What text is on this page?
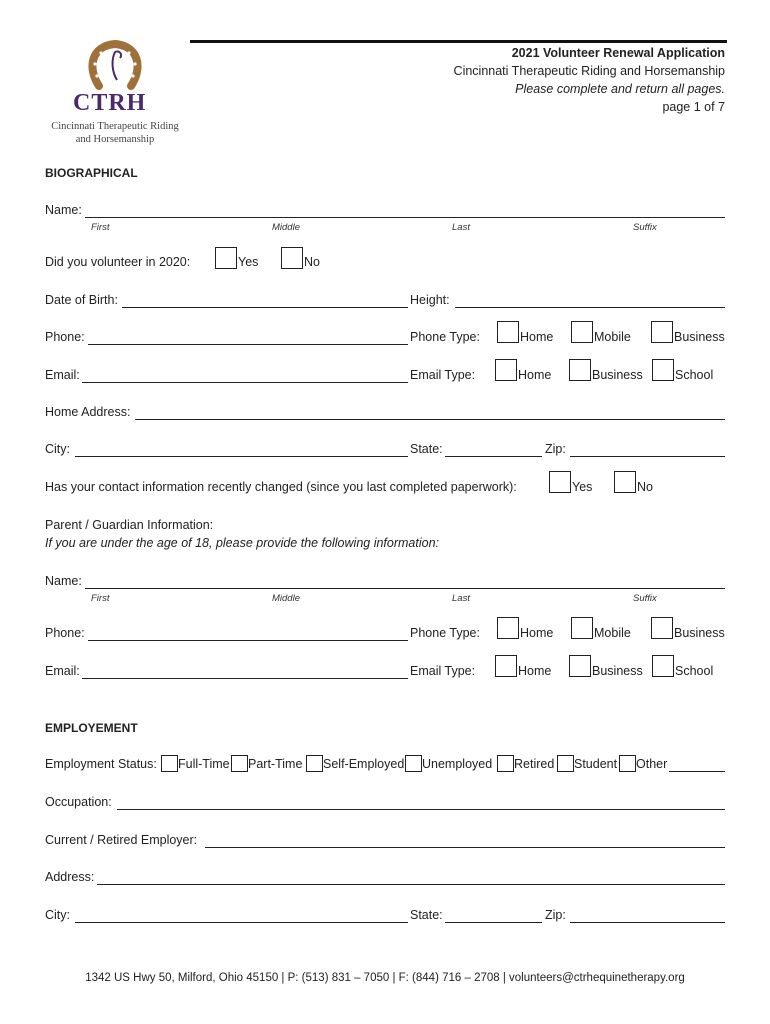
CTRH
Cincinnati Therapeutic Riding
and Horsemanship
2021 Volunteer Renewal Application
Cincinnati Therapeutic Riding and Horsemanship
Please complete and return all pages.
page 1 of 7
BIOGRAPHICAL
Name:
First	Middle	Last	Suffix
Did you volunteer in 2020:	Yes	No
Date of Birth:	Height:
Phone:	Phone Type:	Home	Mobile	Business
Email:	Email Type:	Home	Business	School
Home Address:
City:	State:	Zip:
Has your contact information recently changed (since you last completed paperwork):	Yes	No
Parent / Guardian Information:
If you are under the age of 18, please provide the following information:
Name:
First	Middle	Last	Suffix
Phone:	Phone Type:	Home	Mobile	Business
Email:	Email Type:	Home	Business	School
EMPLOYEMENT
Employment Status: Full-Time Part-Time Self-Employed Unemployed Retired Student Other
Occupation:
Current / Retired Employer:
Address:
City:	State:	Zip:
1342 US Hwy 50, Milford, Ohio 45150 | P: (513) 831 – 7050 | F: (844) 716 – 2708 | volunteers@ctrhequinetherapy.org
